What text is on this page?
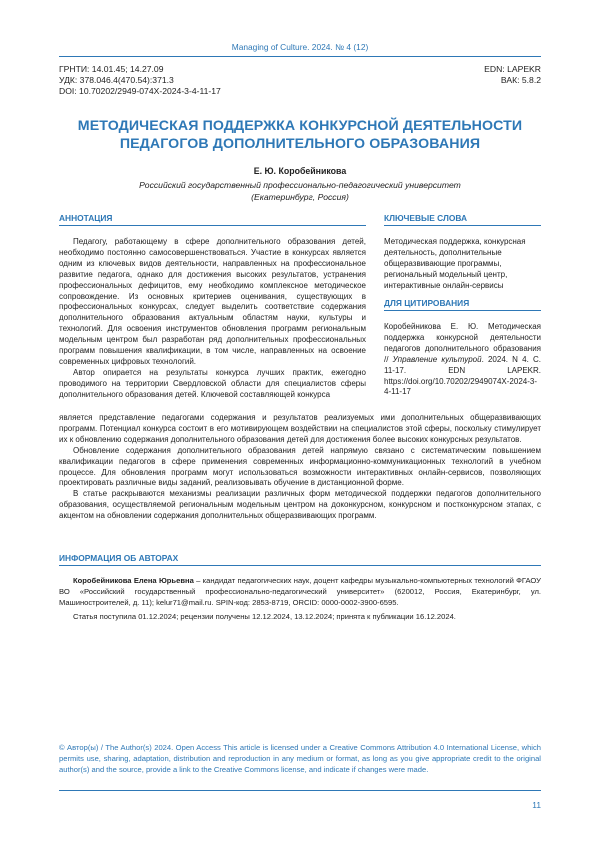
Managing of Culture. 2024. № 4 (12)
ГРНТИ: 14.01.45; 14.27.09
УДК: 378.046.4(470.54):371.3
DOI: 10.70202/2949-074X-2024-3-4-11-17
EDN: LAPEKR
ВАК: 5.8.2
МЕТОДИЧЕСКАЯ ПОДДЕРЖКА КОНКУРСНОЙ ДЕЯТЕЛЬНОСТИ
ПЕДАГОГОВ ДОПОЛНИТЕЛЬНОГО ОБРАЗОВАНИЯ
Е. Ю. Коробейникова
Российский государственный профессионально-педагогический университет
(Екатеринбург, Россия)
АННОТАЦИЯ

Педагогу, работающему в сфере дополнительного образования детей, необходимо постоянно самосовершенствоваться. Участие в конкурсах является одним из ключевых видов деятельности, направленных на профессиональное развитие педагога, однако для достижения высоких результатов, устранения профессиональных дефицитов, ему необходимо комплексное методическое сопровождение. Из основных критериев оценивания, существующих в профессиональных конкурсах, следует выделить соответствие содержания дополнительного образования актуальным областям науки, культуры и технологий. Для освоения инструментов обновления программ региональным модельным центром был разработан ряд дополнительных профессиональных программ повышения квалификации, в том числе, направленных на освоение современных цифровых технологий.

Автор опирается на результаты конкурса лучших практик, ежегодно проводимого на территории Свердловской области для специалистов сферы дополнительного образования детей. Ключевой составляющей конкурса

КЛЮЧЕВЫЕ СЛОВА
Методическая поддержка, конкурсная деятельность, дополнительные общеразвивающие программы, региональный модельный центр, интерактивные онлайн-сервисы
ДЛЯ ЦИТИРОВАНИЯ
Коробейникова Е. Ю. Методическая поддержка конкурсной деятельности педагогов дополнительного образования // Управление культурой. 2024. N 4. C. 11-17. EDN LAPEKR. https://doi.org/10.70202/2949074X-2024-3-4-11-17

является представление педагогами содержания и результатов реализуемых ими дополнительных общеразвивающих программ. Потенциал конкурса состоит в его мотивирующем воздействии на специалистов этой сферы, поскольку стимулирует их к обновлению содержания дополнительного образования детей для достижения более высоких конкурсных результатов.

Обновление содержания дополнительного образования детей напрямую связано с систематическим повышением квалификации педагогов в сфере применения современных информационно-коммуникационных технологий в учебном процессе. Для обновления программ могут использоваться возможности интерактивных онлайн-сервисов, позволяющих проектировать различные виды заданий, реализовывать обучение в дистанционной форме.

В статье раскрываются механизмы реализации различных форм методической поддержки педагогов дополнительного образования, осуществляемой региональным модельным центром на доконкурсном, конкурсном и постконкурсном этапах, с акцентом на обновлении содержания дополнительных общеразвивающих программ.

ИНФОРМАЦИЯ ОБ АВТОРАХ

Коробейникова Елена Юрьевна – кандидат педагогических наук, доцент кафедры музыкально-компьютерных технологий ФГАОУ ВО «Российский государственный профессионально-педагогический университет» (620012, Россия, Екатеринбург, ул. Машиностроителей, д. 11); kelur71@mail.ru. SPIN-код: 2853-8719, ORCID: 0000-0002-3900-6595.

Статья поступила 01.12.2024; рецензии получены 12.12.2024, 13.12.2024; принята к публикации 16.12.2024.

© Автор(ы) / The Author(s) 2024. Open Access This article is licensed under a Creative Commons Attribution 4.0 International License, which permits use, sharing, adaptation, distribution and reproduction in any medium or format, as long as you give appropriate credit to the original author(s) and the source, provide a link to the Creative Commons license, and indicate if changes were made.
11
